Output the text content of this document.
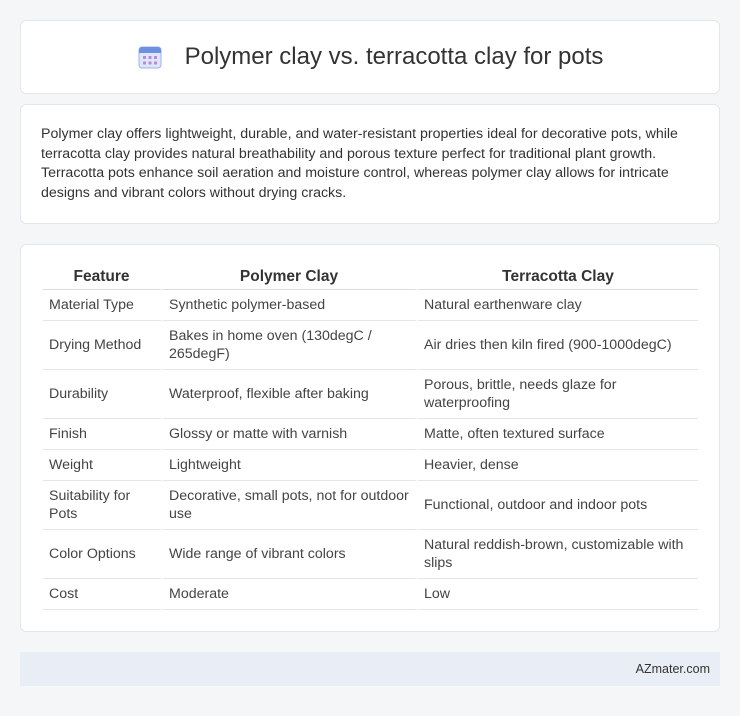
Polymer clay vs. terracotta clay for pots

Polymer clay offers lightweight, durable, and water-resistant properties ideal for decorative pots, while terracotta clay provides natural breathability and porous texture perfect for traditional plant growth. Terracotta pots enhance soil aeration and moisture control, whereas polymer clay allows for intricate designs and vibrant colors without drying cracks.

Feature	Polymer Clay	Terracotta Clay
Material Type	Synthetic polymer-based	Natural earthenware clay
Drying Method	Bakes in home oven (130degC / 265degF)	Air dries then kiln fired (900-1000degC)
Durability	Waterproof, flexible after baking	Porous, brittle, needs glaze for waterproofing
Finish	Glossy or matte with varnish	Matte, often textured surface
Weight	Lightweight	Heavier, dense
Suitability for Pots	Decorative, small pots, not for outdoor use	Functional, outdoor and indoor pots
Color Options	Wide range of vibrant colors	Natural reddish-brown, customizable with slips
Cost	Moderate	Low
AZmater.com
